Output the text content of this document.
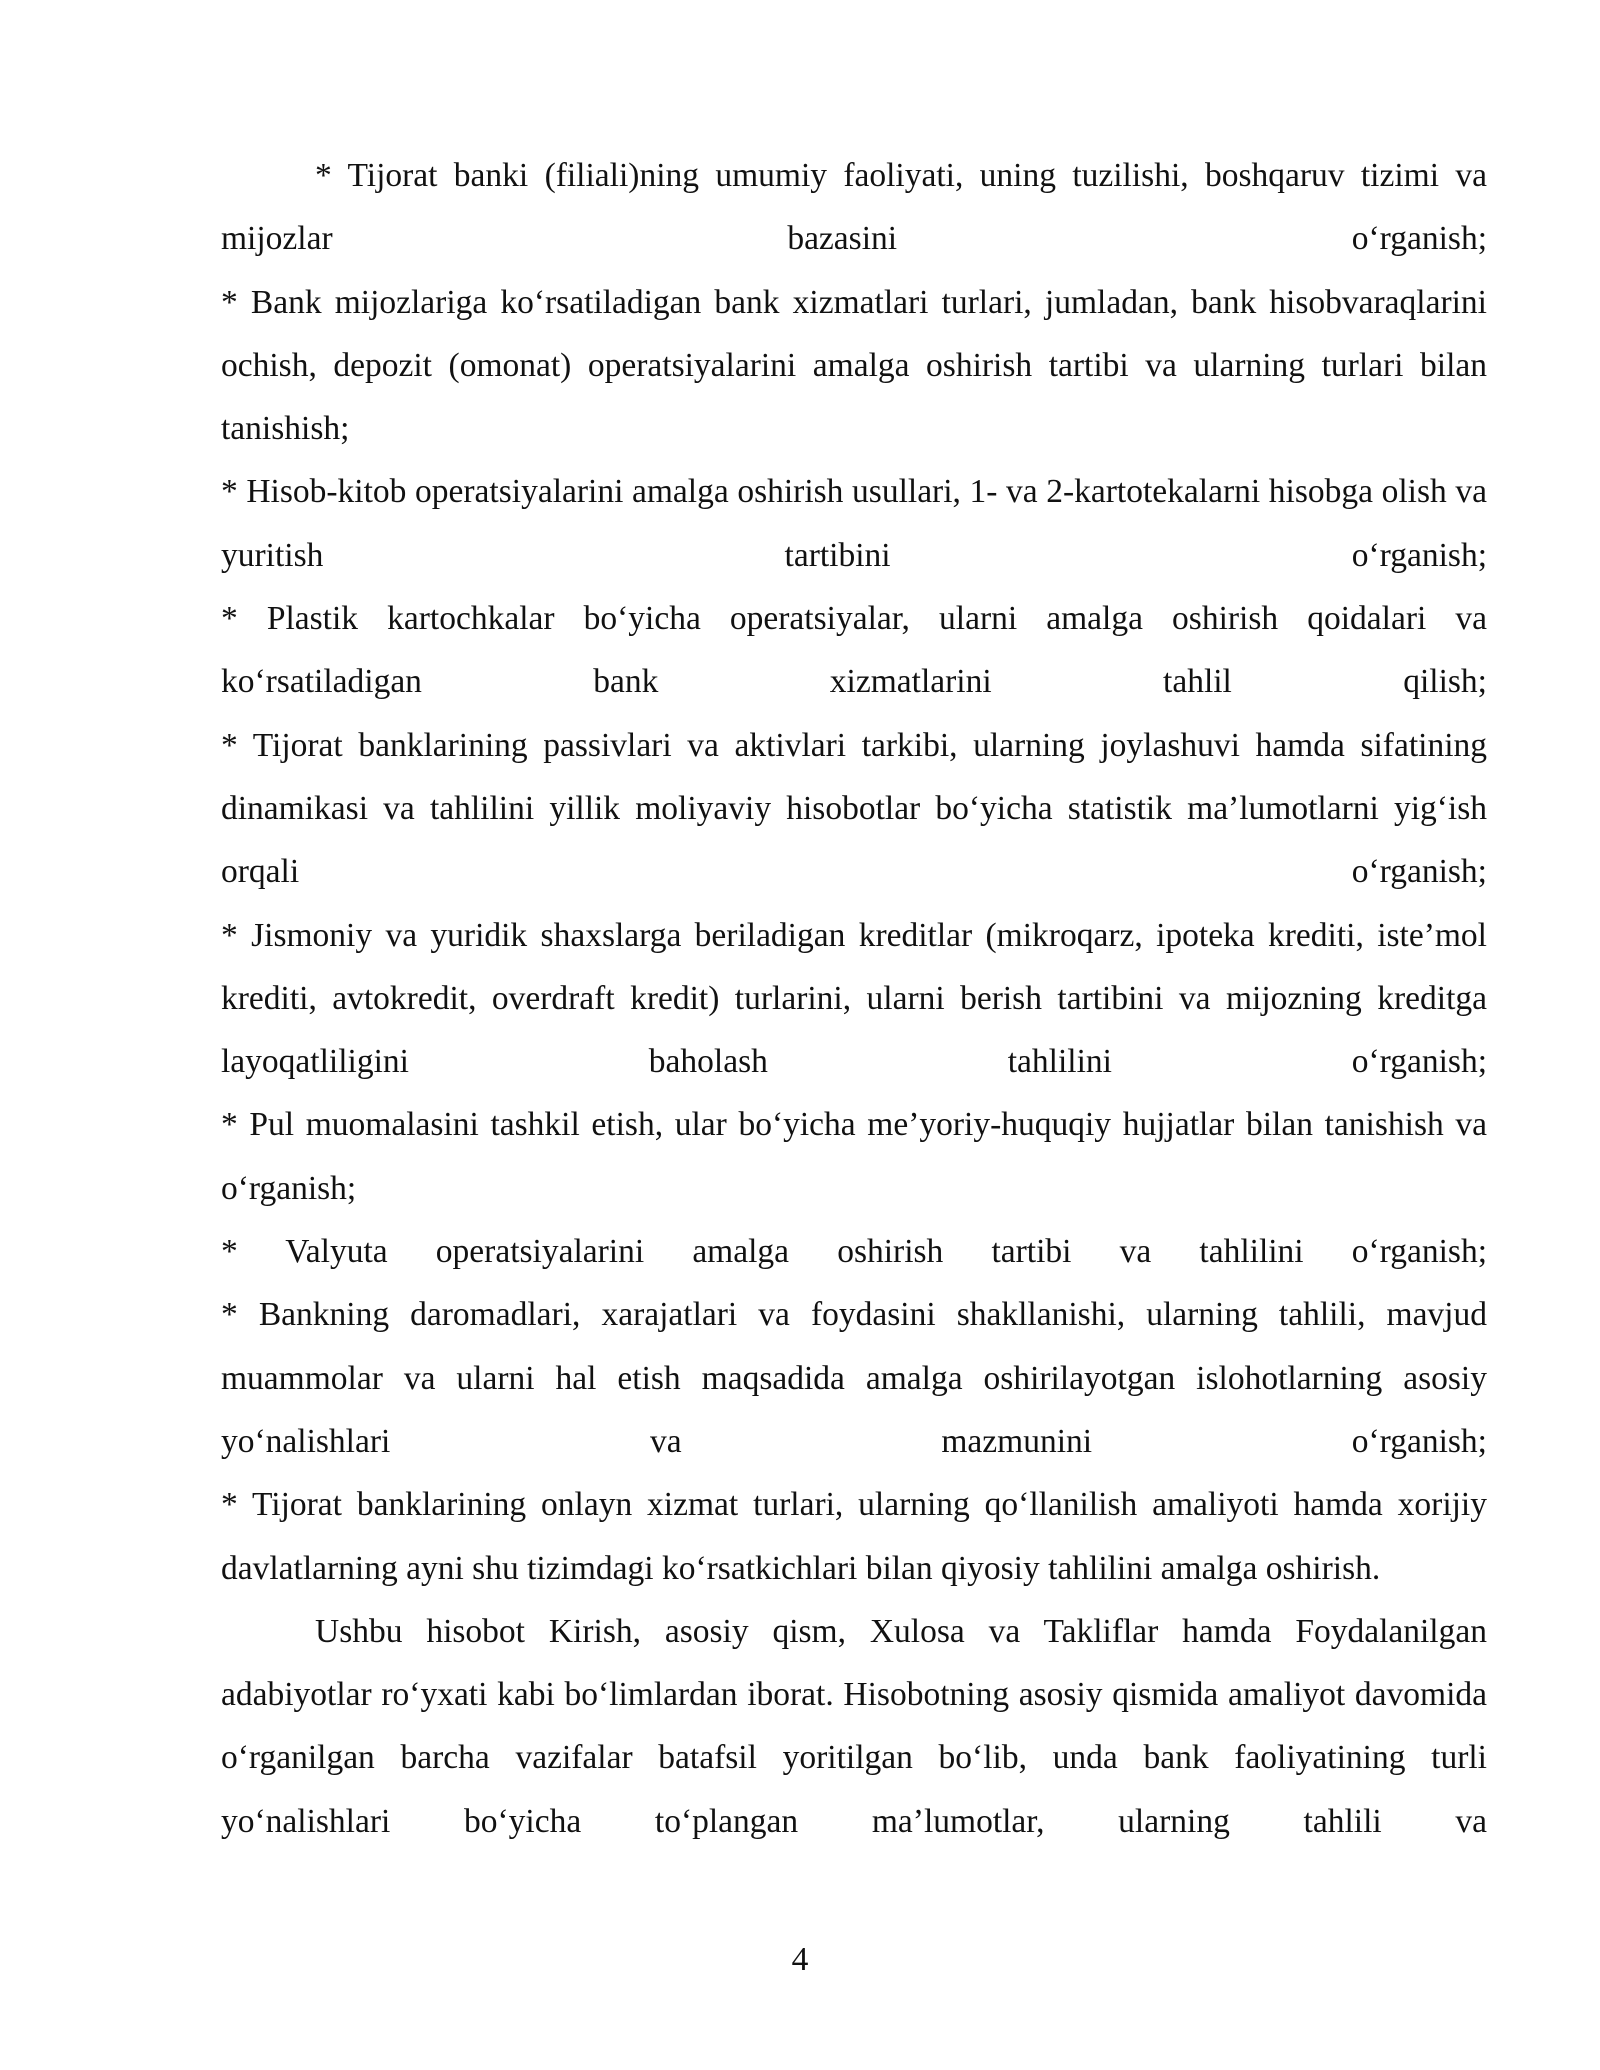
* Tijorat banki (filiali)ning umumiy faoliyati, uning tuzilishi, boshqaruv tizimi va mijozlar bazasini o‘rganish;

* Bank mijozlariga ko‘rsatiladigan bank xizmatlari turlari, jumladan, bank hisobvaraqlarini ochish, depozit (omonat) operatsiyalarini amalga oshirish tartibi va ularning turlari bilan tanishish;

* Hisob-kitob operatsiyalarini amalga oshirish usullari, 1- va 2-kartotekalarni hisobga olish va yuritish tartibini o‘rganish;

* Plastik kartochkalar bo‘yicha operatsiyalar, ularni amalga oshirish qoidalari va ko‘rsatiladigan bank xizmatlarini tahlil qilish;

* Tijorat banklarining passivlari va aktivlari tarkibi, ularning joylashuvi hamda sifatining dinamikasi va tahlilini yillik moliyaviy hisobotlar bo‘yicha statistik ma’lumotlarni yig‘ish orqali o‘rganish;

* Jismoniy va yuridik shaxslarga beriladigan kreditlar (mikroqarz, ipoteka krediti, iste’mol krediti, avtokredit, overdraft kredit) turlarini, ularni berish tartibini va mijozning kreditga layoqatliligini baholash tahlilini o‘rganish;

* Pul muomalasini tashkil etish, ular bo‘yicha me’yoriy-huquqiy hujjatlar bilan tanishish va o‘rganish;

* Valyuta operatsiyalarini amalga oshirish tartibi va tahlilini o‘rganish;

* Bankning daromadlari, xarajatlari va foydasini shakllanishi, ularning tahlili, mavjud muammolar va ularni hal etish maqsadida amalga oshirilayotgan islohotlarning asosiy yo‘nalishlari va mazmunini o‘rganish;

* Tijorat banklarining onlayn xizmat turlari, ularning qo‘llanilish amaliyoti hamda xorijiy davlatlarning ayni shu tizimdagi ko‘rsatkichlari bilan qiyosiy tahlilini amalga oshirish.

Ushbu hisobot Kirish, asosiy qism, Xulosa va Takliflar hamda Foydalanilgan adabiyotlar ro‘yxati kabi bo‘limlardan iborat. Hisobotning asosiy qismida amaliyot davomida o‘rganilgan barcha vazifalar batafsil yoritilgan bo‘lib, unda bank faoliyatining turli yo‘nalishlari bo‘yicha to‘plangan ma’lumotlar, ularning tahlili va

4
